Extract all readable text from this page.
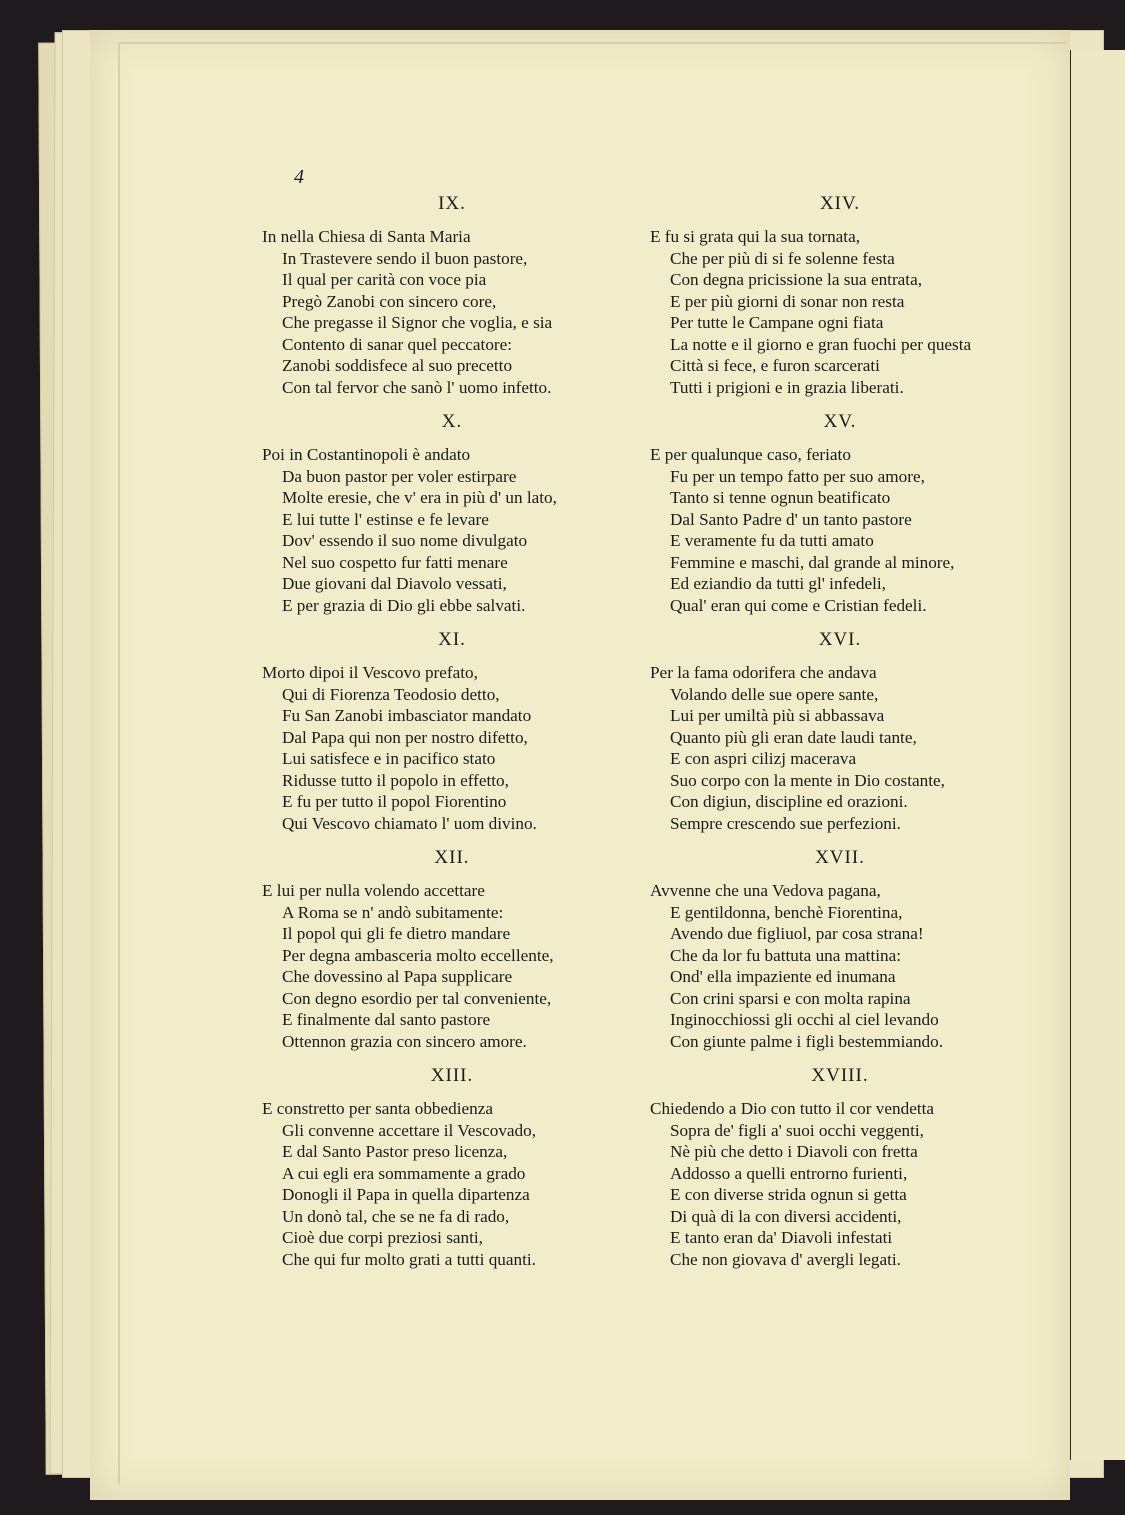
4
IX.
In nella Chiesa di Santa Maria
In Trastevere sendo il buon pastore,
Il qual per carità con voce pia
Pregò Zanobi con sincero core,
Che pregasse il Signor che voglia, e sia
Contento di sanar quel peccatore:
Zanobi soddisfece al suo precetto
Con tal fervor che sanò l' uomo infetto.
X.
Poi in Costantinopoli è andato
Da buon pastor per voler estirpare
Molte eresie, che v' era in più d' un lato,
E lui tutte l' estinse e fe levare
Dov' essendo il suo nome divulgato
Nel suo cospetto fur fatti menare
Due giovani dal Diavolo vessati,
E per grazia di Dio gli ebbe salvati.
XI.
Morto dipoi il Vescovo prefato,
Qui di Fiorenza Teodosio detto,
Fu San Zanobi imbasciator mandato
Dal Papa qui non per nostro difetto,
Lui satisfece e in pacifico stato
Ridusse tutto il popolo in effetto,
E fu per tutto il popol Fiorentino
Qui Vescovo chiamato l' uom divino.
XII.
E lui per nulla volendo accettare
A Roma se n' andò subitamente:
Il popol qui gli fe dietro mandare
Per degna ambasceria molto eccellente,
Che dovessino al Papa supplicare
Con degno esordio per tal conveniente,
E finalmente dal santo pastore
Ottennon grazia con sincero amore.
XIII.
E constretto per santa obbedienza
Gli convenne accettare il Vescovado,
E dal Santo Pastor preso licenza,
A cui egli era sommamente a grado
Donogli il Papa in quella dipartenza
Un donò tal, che se ne fa di rado,
Cioè due corpi preziosi santi,
Che qui fur molto grati a tutti quanti.
XIV.
E fu si grata qui la sua tornata,
Che per più di si fe solenne festa
Con degna pricissione la sua entrata,
E per più giorni di sonar non resta
Per tutte le Campane ogni fiata
La notte e il giorno e gran fuochi per questa
Città si fece, e furon scarcerati
Tutti i prigioni e in grazia liberati.
XV.
E per qualunque caso, feriato
Fu per un tempo fatto per suo amore,
Tanto si tenne ognun beatificato
Dal Santo Padre d' un tanto pastore
E veramente fu da tutti amato
Femmine e maschi, dal grande al minore,
Ed eziandio da tutti gl' infedeli,
Qual' eran qui come e Cristian fedeli.
XVI.
Per la fama odorifera che andava
Volando delle sue opere sante,
Lui per umiltà più si abbassava
Quanto più gli eran date laudi tante,
E con aspri cilizj macerava
Suo corpo con la mente in Dio costante,
Con digiun, discipline ed orazioni.
Sempre crescendo sue perfezioni.
XVII.
Avvenne che una Vedova pagana,
E gentildonna, benchè Fiorentina,
Avendo due figliuol, par cosa strana!
Che da lor fu battuta una mattina:
Ond' ella impaziente ed inumana
Con crini sparsi e con molta rapina
Inginocchiossi gli occhi al ciel levando
Con giunte palme i figli bestemmiando.
XVIII.
Chiedendo a Dio con tutto il cor vendetta
Sopra de' figli a' suoi occhi veggenti,
Nè più che detto i Diavoli con fretta
Addosso a quelli entrorno furienti,
E con diverse strida ognun si getta
Di quà di la con diversi accidenti,
E tanto eran da' Diavoli infestati
Che non giovava d' avergli legati.
